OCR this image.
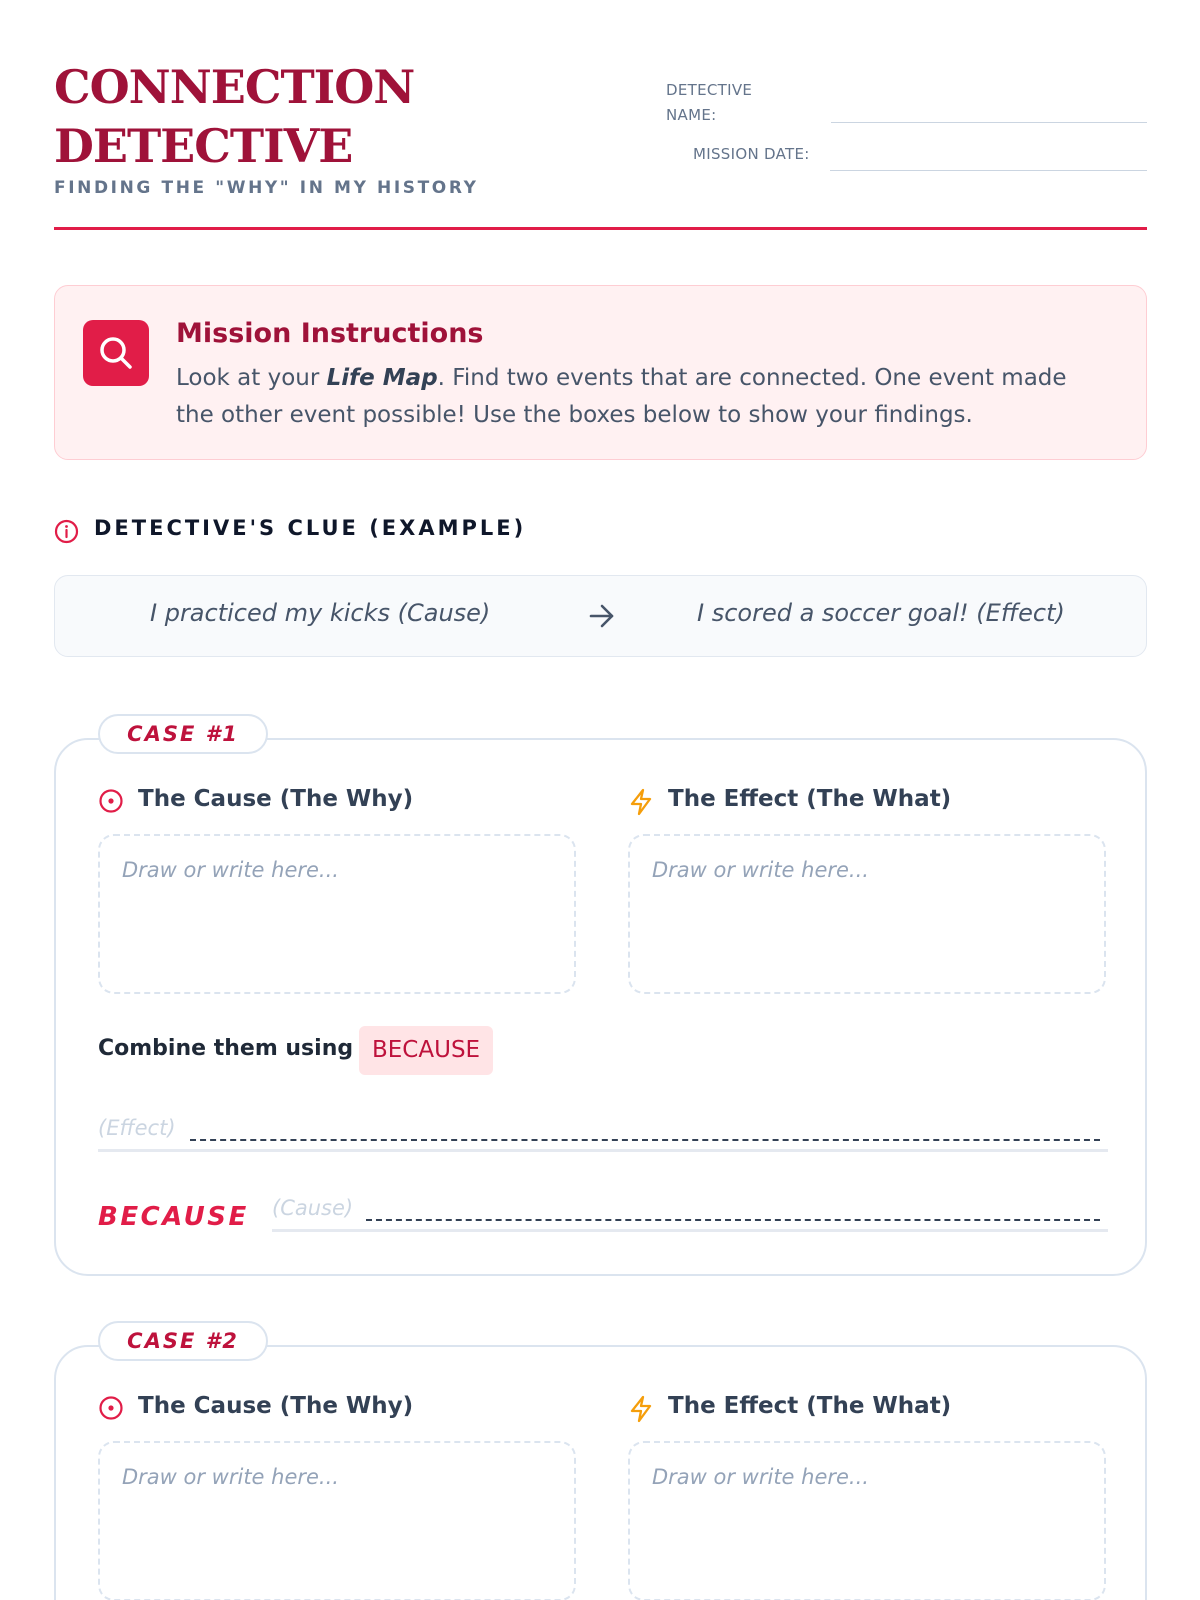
CONNECTION
DETECTIVE
FINDING THE "WHY" IN MY HISTORY
DETECTIVE
NAME:
MISSION DATE:
Mission Instructions
Look at your Life Map. Find two events that are connected. One event made the other event possible! Use the boxes below to show your findings.
DETECTIVE'S CLUE (EXAMPLE)
I practiced my kicks (Cause)	I scored a soccer goal! (Effect)
CASE #1
The Cause (The Why)	The Effect (The What)
Draw or write here...	Draw or write here...
Combine them using BECAUSE
(Effect)
BECAUSE (Cause)
CASE #2
The Cause (The Why)	The Effect (The What)
Draw or write here...	Draw or write here...
